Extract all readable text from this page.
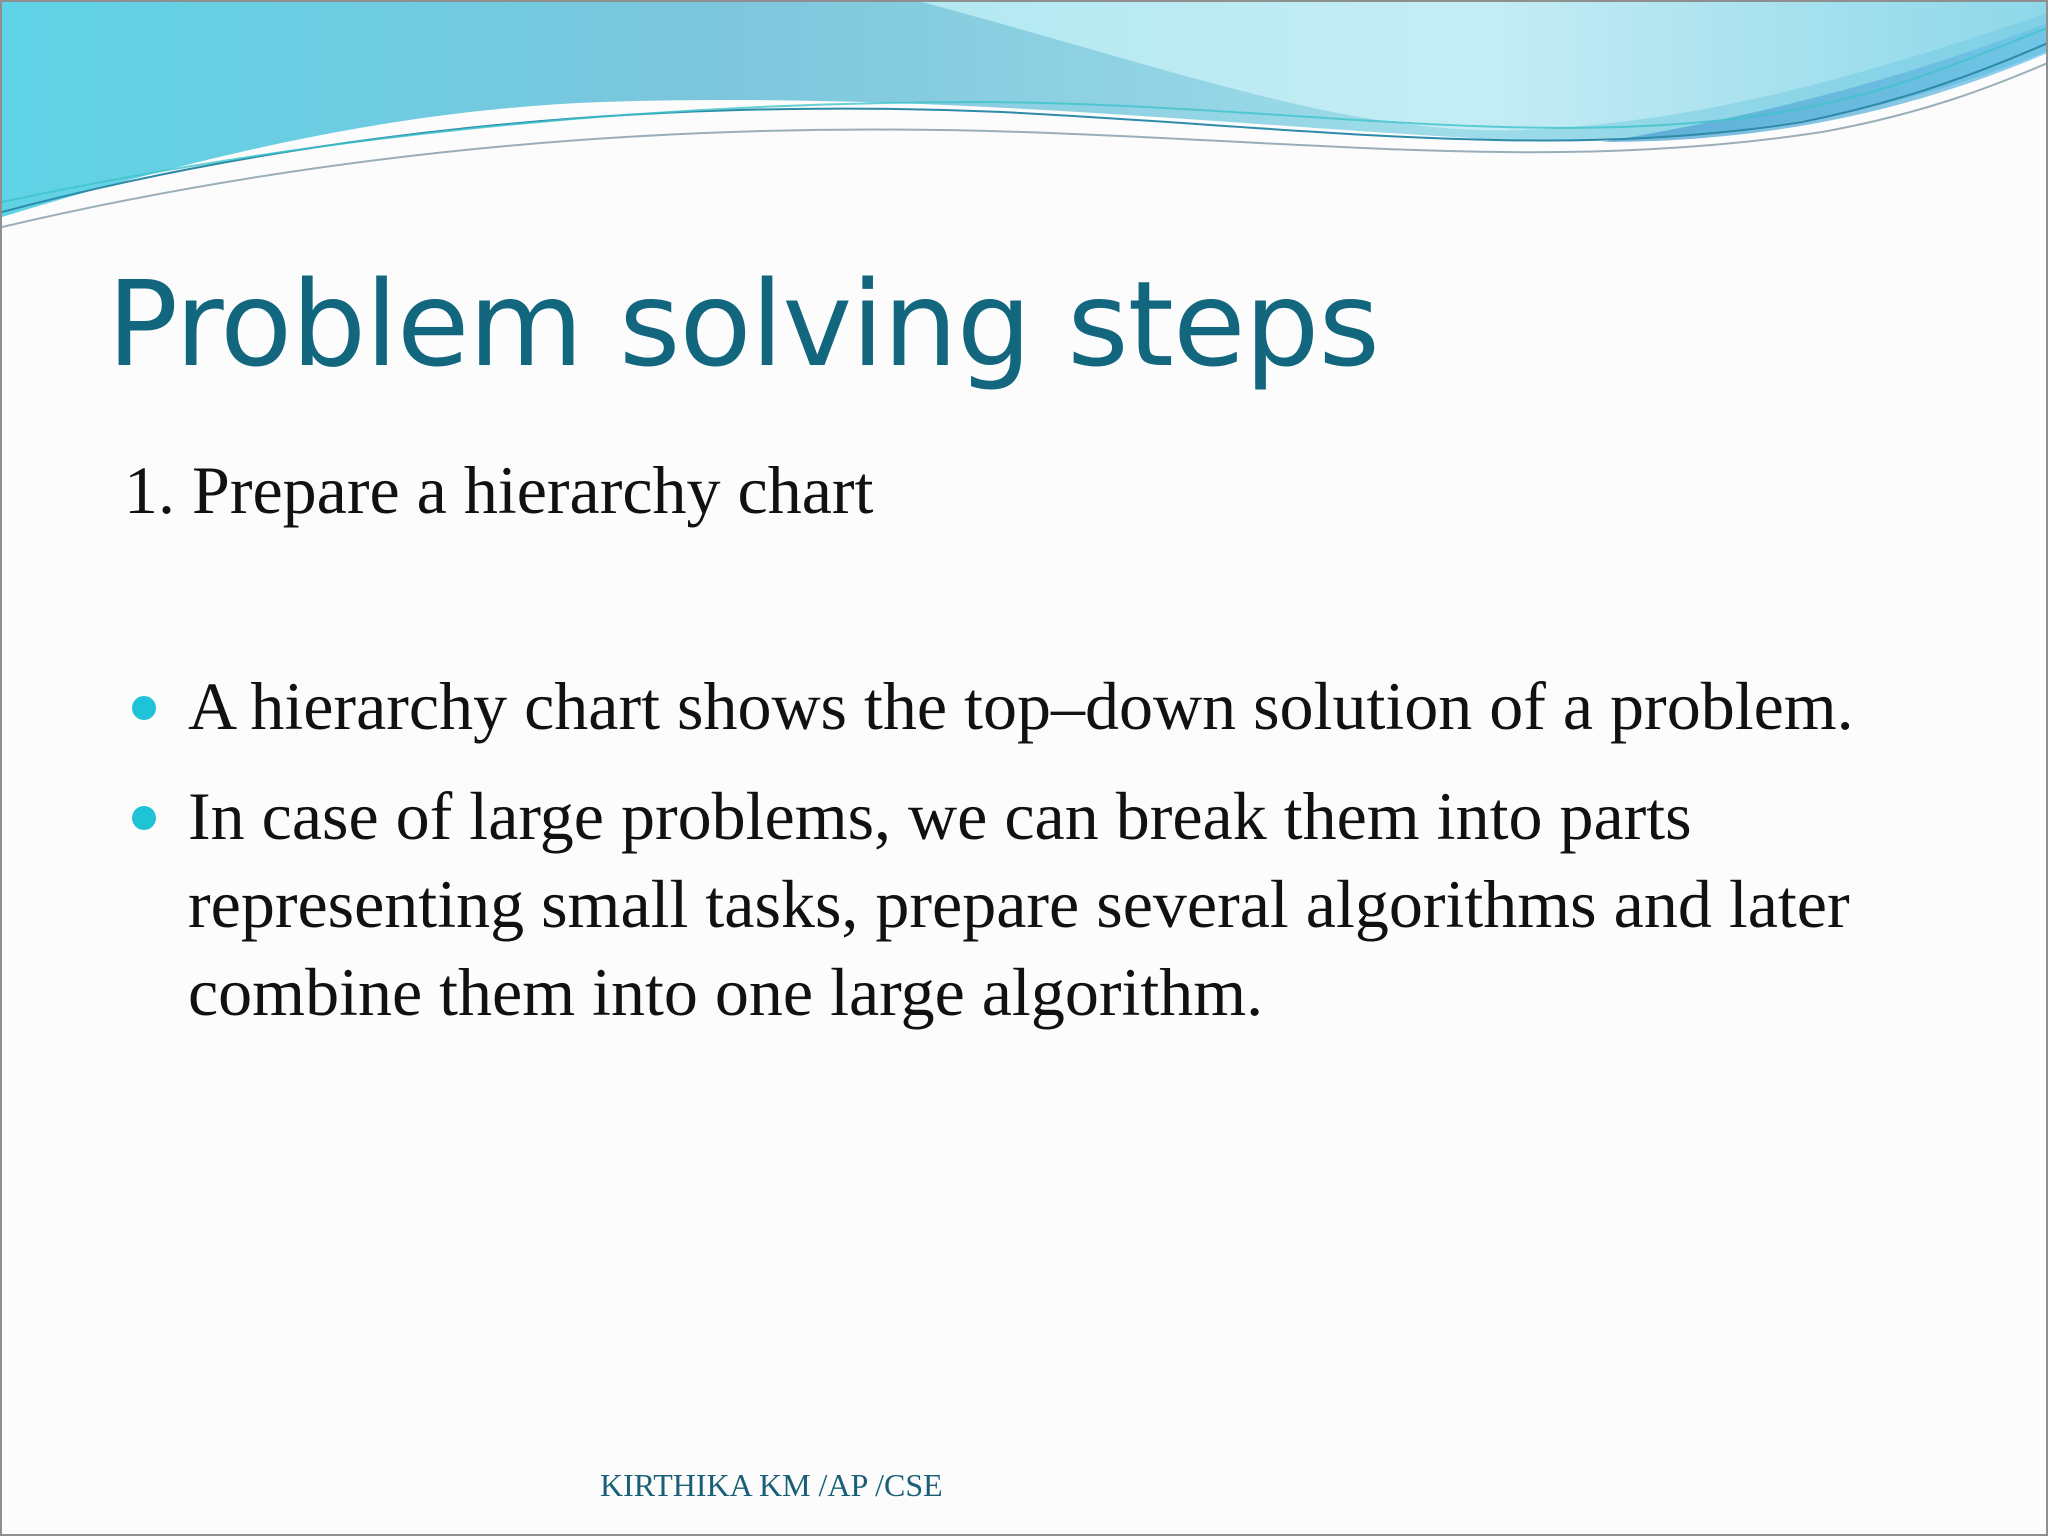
Problem solving steps

1. Prepare a hierarchy chart

A hierarchy chart shows the top–down solution of a problem.
In case of large problems, we can break them into parts representing small tasks, prepare several algorithms and later combine them into one large algorithm.

KIRTHIKA KM /AP /CSE
